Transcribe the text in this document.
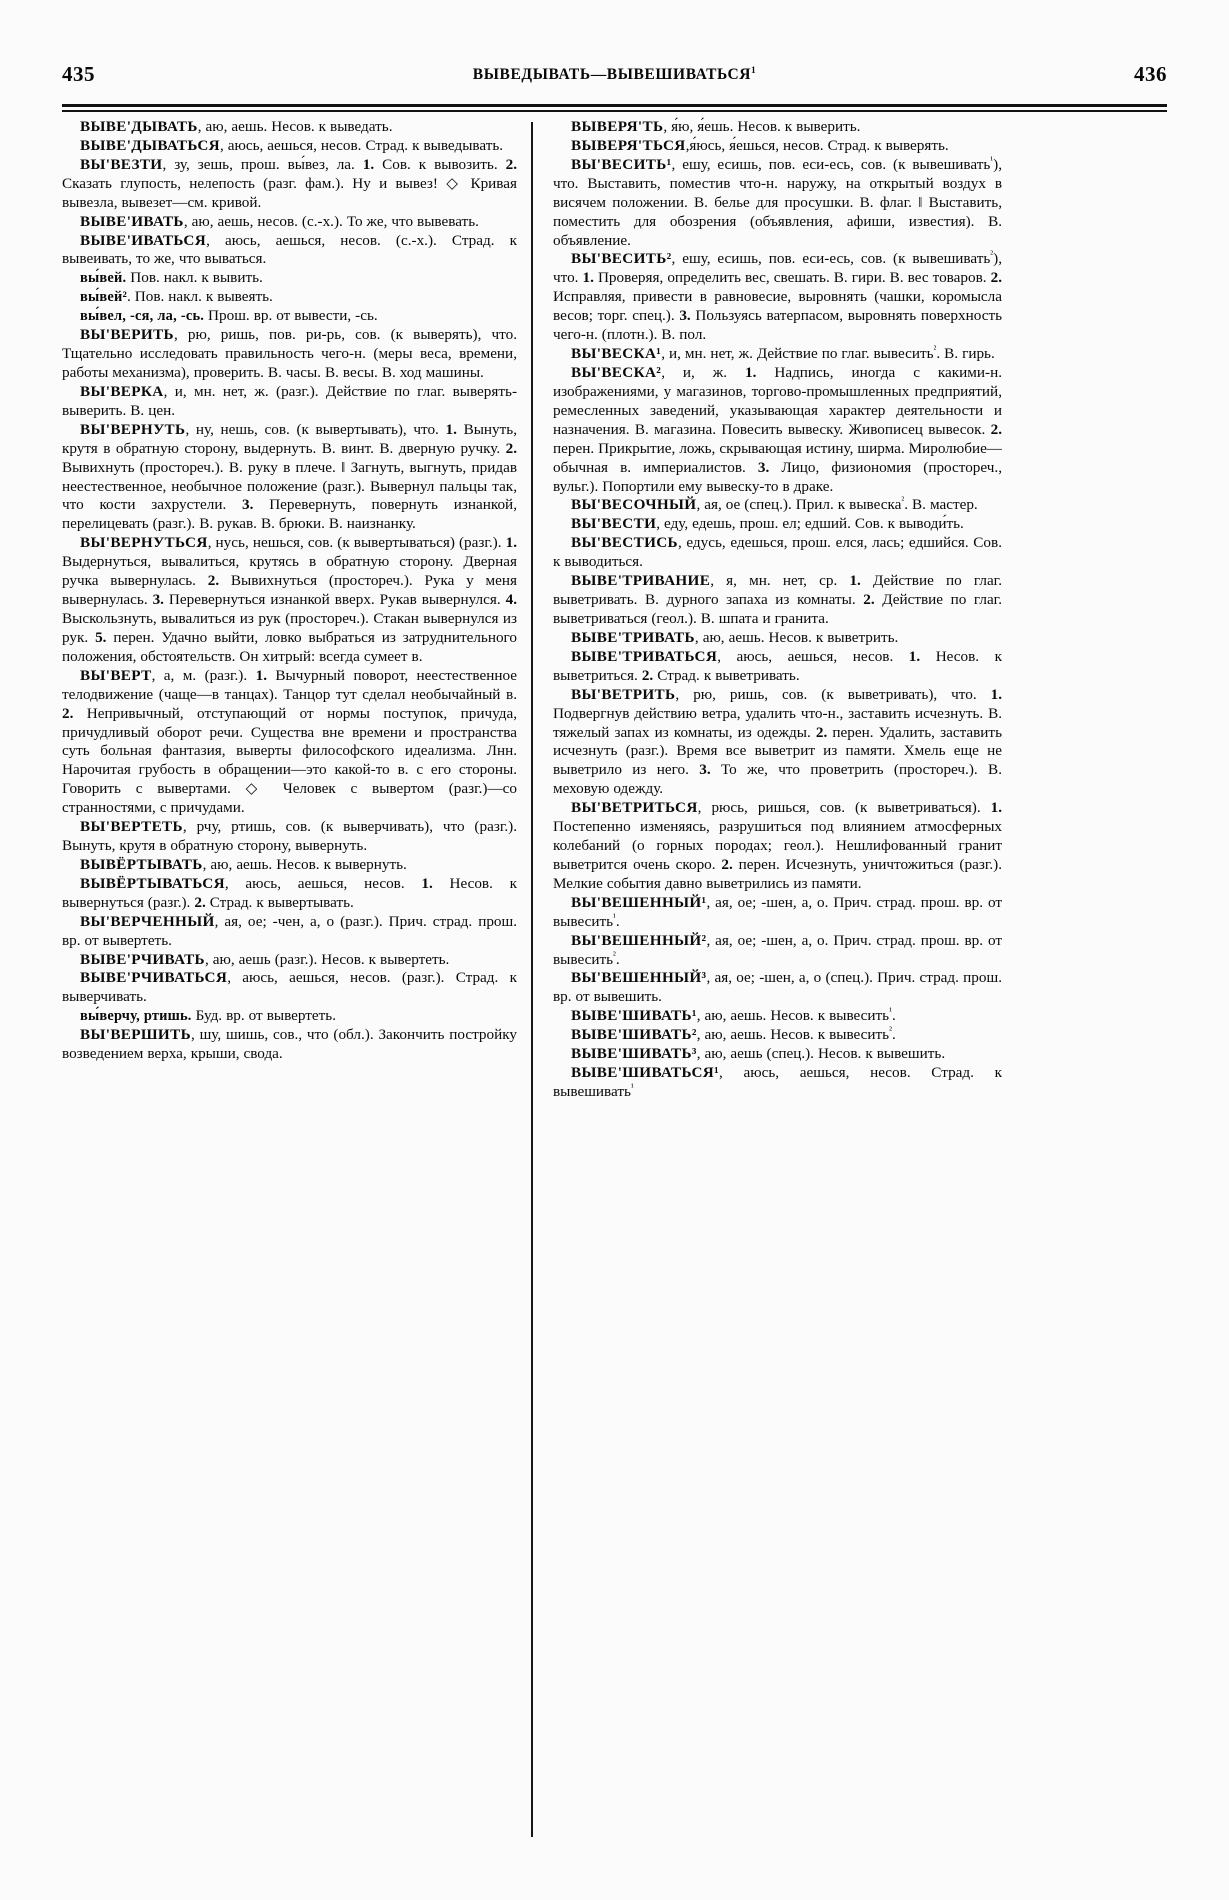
435	ВЫВЕДЫВАТЬ—ВЫВЕШИВАТЬСЯ$^1$	436

ВЫВЕ'ДЫВАТЬ, аю, аешь. Несов. к выведать.

ВЫВЕ'ДЫВАТЬСЯ, аюсь, аешься, несов. Страд. к выведывать.

ВЫ'ВЕЗТИ, зу, зешь, прош. вы́вез, ла. 1. Сов. к вывозить. 2. Сказать глупость, нелепость (разг. фам.). Ну и вывез! ◇ Кривая вывезла, вывезет—см. кривой.

ВЫВЕ'ИВАТЬ, аю, аешь, несов. (с.-х.). То же, что вывевать.

ВЫВЕ'ИВАТЬСЯ, аюсь, аешься, несов. (с.-х.). Страд. к вывеивать, то же, что вываться.

вы́вей. Пов. накл. к вывить.

вы́вей². Пов. накл. к вывеять.

вы́вел, -ся, ла, -сь. Прош. вр. от вывести, -сь.

ВЫ'ВЕРИТЬ, рю, ришь, пов. ри-рь, сов. (к выверять), что. Тщательно исследовать правильность чего-н. (меры веса, времени, работы механизма), проверить. В. часы. В. весы. В. ход машины.

ВЫ'ВЕРКА, и, мн. нет, ж. (разг.). Действие по глаг. выверять-выверить. В. цен.

ВЫ'ВЕРНУТЬ, ну, нешь, сов. (к вывертывать), что. 1. Вынуть, крутя в обратную сторону, выдернуть. В. винт. В. дверную ручку. 2. Вывихнуть (простореч.). В. руку в плече. ‖ Загнуть, выгнуть, придав неестественное, необычное положение (разг.). Вывернул пальцы так, что кости захрустели. 3. Перевернуть, повернуть изнанкой, перелицевать (разг.). В. рукав. В. брюки. В. наизнанку.

ВЫ'ВЕРНУТЬСЯ, нусь, нешься, сов. (к вывертываться) (разг.). 1. Выдернуться, вывалиться, крутясь в обратную сторону. Дверная ручка вывернулась. 2. Вывихнуться (простореч.). Рука у меня вывернулась. 3. Перевернуться изнанкой вверх. Рукав вывернулся. 4. Выскользнуть, вывалиться из рук (простореч.). Стакан вывернулся из рук. 5. перен. Удачно выйти, ловко выбраться из затруднительного положения, обстоятельств. Он хитрый: всегда сумеет в.

ВЫ'ВЕРТ, а, м. (разг.). 1. Вычурный поворот, неестественное телодвижение (чаще—в танцах). Танцор тут сделал необычайный в. 2. Непривычный, отступающий от нормы поступок, причуда, причудливый оборот речи. Существа вне времени и пространства суть больная фантазия, выверты философского идеализма. Лнн. Нарочитая грубость в обращении—это какой-то в. с его стороны. Говорить с вывертами. ◇ Человек с вывертом (разг.)—со странностями, с причудами.

ВЫ'ВЕРТЕТЬ, рчу, ртишь, сов. (к выверчивать), что (разг.). Вынуть, крутя в обратную сторону, вывернуть.

ВЫВЁРТЫВАТЬ, аю, аешь. Несов. к вывернуть.

ВЫВЁРТЫВАТЬСЯ, аюсь, аешься, несов. 1. Несов. к вывернуться (разг.). 2. Страд. к вывертывать.

ВЫ'ВЕРЧЕННЫЙ, ая, ое; -чен, а, о (разг.). Прич. страд. прош. вр. от вывертеть.

ВЫВЕ'РЧИВАТЬ, аю, аешь (разг.). Несов. к вывертеть.

ВЫВЕ'РЧИВАТЬСЯ, аюсь, аешься, несов. (разг.). Страд. к выверчивать.

вы́верчу, ртишь. Буд. вр. от вывертеть.

ВЫ'ВЕРШИТЬ, шу, шишь, сов., что (обл.). Закончить постройку возведением верха, крыши, свода.

ВЫВЕРЯ'ТЬ, я́ю, я́ешь. Несов. к выверить.

ВЫВЕРЯ'ТЬСЯ,я́юсь, я́ешься, несов. Страд. к выверять.

ВЫ'ВЕСИТЬ¹, ешу, есишь, пов. еси-есь, сов. (к вывешивать$^{^1}$), что. Выставить, поместив что-н. наружу, на открытый воздух в висячем положении. В. белье для просушки. В. флаг. ‖ Выставить, поместить для обозрения (объявления, афиши, известия). В. объявление.

ВЫ'ВЕСИТЬ², ешу, есишь, пов. еси-есь, сов. (к вывешивать$^{^2}$), что. 1. Проверяя, определить вес, свешать. В. гири. В. вес товаров. 2. Исправляя, привести в равновесие, выровнять (чашки, коромысла весов; торг. спец.). 3. Пользуясь ватерпасом, выровнять поверхность чего-н. (плотн.). В. пол.

ВЫ'ВЕСКА¹, и, мн. нет, ж. Действие по глаг. вывесить$^{^2}$. В. гирь.

ВЫ'ВЕСКА², и, ж. 1. Надпись, иногда с какими-н. изображениями, у магазинов, торгово-промышленных предприятий, ремесленных заведений, указывающая характер деятельности и назначения. В. магазина. Повесить вывеску. Живописец вывесок. 2. перен. Прикрытие, ложь, скрывающая истину, ширма. Миролюбие—обычная в. империалистов. 3. Лицо, физиономия (простореч., вульг.). Попортили ему вывеску-то в драке.

ВЫ'ВЕСОЧНЫЙ, ая, ое (спец.). Прил. к вывеска$^{^2}$. В. мастер.

ВЫ'ВЕСТИ, еду, едешь, прош. ел; едший. Сов. к выводи́ть.

ВЫ'ВЕСТИСЬ, едусь, едешься, прош. елся, лась; едшийся. Сов. к выводиться.

ВЫВЕ'ТРИВАНИЕ, я, мн. нет, ср. 1. Действие по глаг. выветривать. В. дурного запаха из комнаты. 2. Действие по глаг. выветриваться (геол.). В. шпата и гранита.

ВЫВЕ'ТРИВАТЬ, аю, аешь. Несов. к выветрить.

ВЫВЕ'ТРИВАТЬСЯ, аюсь, аешься, несов. 1. Несов. к выветриться. 2. Страд. к выветривать.

ВЫ'ВЕТРИТЬ, рю, ришь, сов. (к выветривать), что. 1. Подвергнув действию ветра, удалить что-н., заставить исчезнуть. В. тяжелый запах из комнаты, из одежды. 2. перен. Удалить, заставить исчезнуть (разг.). Время все выветрит из памяти. Хмель еще не выветрило из него. 3. То же, что проветрить (простореч.). В. меховую одежду.

ВЫ'ВЕТРИТЬСЯ, рюсь, ришься, сов. (к выветриваться). 1. Постепенно изменяясь, разрушиться под влиянием атмосферных колебаний (о горных породах; геол.). Нешлифованный гранит выветрится очень скоро. 2. перен. Исчезнуть, уничтожиться (разг.). Мелкие события давно выветрились из памяти.

ВЫ'ВЕШЕННЫЙ¹, ая, ое; -шен, а, о. Прич. страд. прош. вр. от вывесить$^{^1}$.

ВЫ'ВЕШЕННЫЙ², ая, ое; -шен, а, о. Прич. страд. прош. вр. от вывесить$^{^2}$.

ВЫ'ВЕШЕННЫЙ³, ая, ое; -шен, а, о (спец.). Прич. страд. прош. вр. от вывешить.

ВЫВЕ'ШИВАТЬ¹, аю, аешь. Несов. к вывесить$^{^1}$.

ВЫВЕ'ШИВАТЬ², аю, аешь. Несов. к вывесить$^{^2}$.

ВЫВЕ'ШИВАТЬ³, аю, аешь (спец.). Несов. к вывешить.

ВЫВЕ'ШИВАТЬСЯ¹, аюсь, аешься, несов. Страд. к вывешивать$^{^1}$
